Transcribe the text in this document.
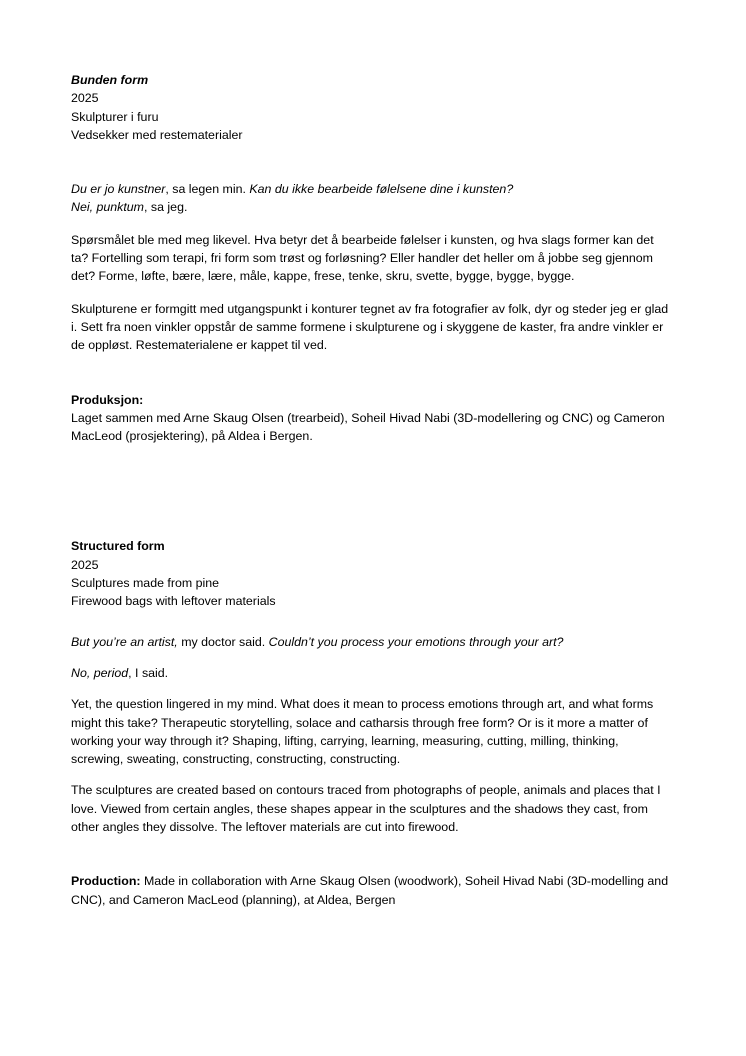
Bunden form

2025

Skulpturer i furu

Vedsekker med restematerialer

Du er jo kunstner, sa legen min. Kan du ikke bearbeide følelsene dine i kunsten?

Nei, punktum, sa jeg.

Spørsmålet ble med meg likevel. Hva betyr det å bearbeide følelser i kunsten, og hva slags former kan det ta? Fortelling som terapi, fri form som trøst og forløsning? Eller handler det heller om å jobbe seg gjennom det? Forme, løfte, bære, lære, måle, kappe, frese, tenke, skru, svette, bygge, bygge, bygge.

Skulpturene er formgitt med utgangspunkt i konturer tegnet av fra fotografier av folk, dyr og steder jeg er glad i. Sett fra noen vinkler oppstår de samme formene i skulpturene og i skyggene de kaster, fra andre vinkler er de oppløst. Restematerialene er kappet til ved.

Produksjon:

Laget sammen med Arne Skaug Olsen (trearbeid), Soheil Hivad Nabi (3D-modellering og CNC) og Cameron MacLeod (prosjektering), på Aldea i Bergen.

Structured form

2025

Sculptures made from pine

Firewood bags with leftover materials

But you’re an artist, my doctor said. Couldn’t you process your emotions through your art?

No, period, I said.

Yet, the question lingered in my mind. What does it mean to process emotions through art, and what forms might this take? Therapeutic storytelling, solace and catharsis through free form? Or is it more a matter of working your way through it? Shaping, lifting, carrying, learning, measuring, cutting, milling, thinking, screwing, sweating, constructing, constructing, constructing.

The sculptures are created based on contours traced from photographs of people, animals and places that I love. Viewed from certain angles, these shapes appear in the sculptures and the shadows they cast, from other angles they dissolve. The leftover materials are cut into firewood.

Production: Made in collaboration with Arne Skaug Olsen (woodwork), Soheil Hivad Nabi (3D-modelling and CNC), and Cameron MacLeod (planning), at Aldea, Bergen
